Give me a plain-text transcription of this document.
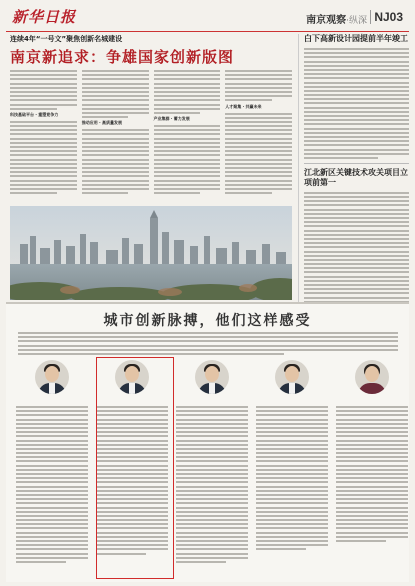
新华日报	南京观察·纵深 NJ03
连续4年“一号文”聚焦创新名城建设
南京新追求：争雄国家创新版图
科技基础平台 · 重塑竞争力
推动应用 · 高质量发展
产业集群 · 蓄力发展
人才聚集 · 共赢未来
白下高新设计园提前半年竣工
江北新区关键技术攻关项目立项前第一
城市创新脉搏，他们这样感受
